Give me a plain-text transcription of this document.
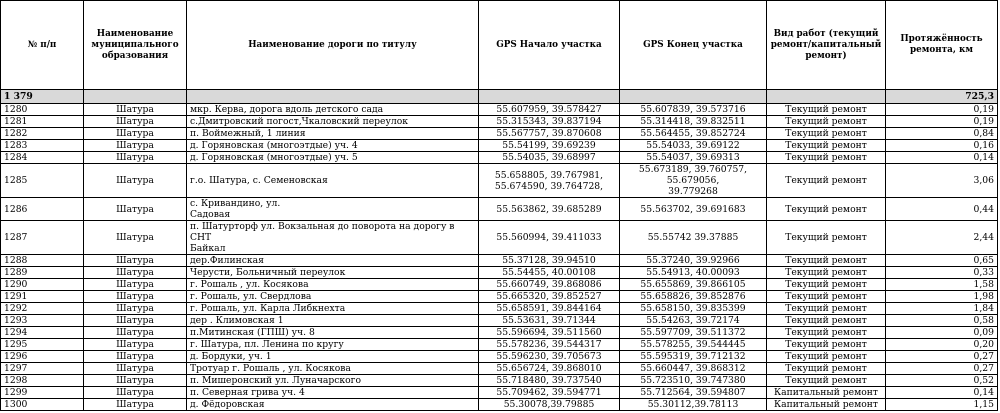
№ п/п	Наименование муниципального образования	Наименование дороги по титулу	GPS Начало участка	GPS Конец участка	Вид работ (текущий ремонт/капитальный ремонт)	Протяжённость ремонта, км
1 379						725,3
1280	Шатура	мкр. Керва, дорога вдоль детского сада	55.607959, 39.578427	55.607839, 39.573716	Текущий ремонт	0,19
1281	Шатура	с.Дмитровский погост,Чкаловский переулок	55.315343, 39.837194	55.314418, 39.832511	Текущий ремонт	0,19
1282	Шатура	п. Воймежный, 1 линия	55.567757, 39.870608	55.564455, 39.852724	Текущий ремонт	0,84
1283	Шатура	д. Гоpяновская (многоэтдые) уч. 4	55.54199, 39.69239	55.54033, 39.69122	Текущий ремонт	0,16
1284	Шатура	д. Гоpяновская (многоэтдые) уч. 5	55.54035, 39.68997	55.54037, 39.69313	Текущий ремонт	0,14
1285	Шатура	г.о. Шатура, с. Семеновская	55.658805, 39.767981,
55.674590, 39.764728,	55.673189, 39.760757, 55.679056,
39.779268	Текущий ремонт	3,06
1286	Шатура	с. Кривандино, ул.
Садовая	55.563862, 39.685289	55.563702, 39.691683	Текущий ремонт	0,44
1287	Шатура	п. Шатурторф ул. Вокзальная до поворота на дорогу в СНТ
Байкал	55.560994, 39.411033	55.55742 39.37885	Текущий ремонт	2,44
1288	Шатура	дер.Филинская	55.37128, 39.94510	55.37240, 39.92966	Текущий ремонт	0,65
1289	Шатура	Черусти, Больничный переулок	55.54455, 40.00108	55.54913, 40.00093	Текущий ремонт	0,33
1290	Шатура	г. Рошаль , ул. Косякова	55.660749, 39.868086	55.655869, 39.866105	Текущий ремонт	1,58
1291	Шатура	г. Рошаль, ул. Свердлова	55.665320, 39.852527	55.658826, 39.852876	Текущий ремонт	1,98
1292	Шатура	г. Рошаль, ул. Карла Либкнехта	55.658591, 39.844164	55.658150, 39.835399	Текущий ремонт	1,84
1293	Шатура	дер . Климовская 1	55.53631, 39.71344	55.54263, 39.72174	Текущий ремонт	0,58
1294	Шатура	п.Митинская (ГПШ) уч. 8	55.596694, 39.511560	55.597709, 39.511372	Текущий ремонт	0,09
1295	Шатура	г. Шатура, пл. Ленина по кругу	55.578236, 39.544317	55.578255, 39.544445	Текущий ремонт	0,20
1296	Шатура	д. Бордуки, уч. 1	55.596230, 39.705673	55.595319, 39.712132	Текущий ремонт	0,27
1297	Шатура	Тротуар г. Рошаль , ул. Косякова	55.656724, 39.868010	55.660447, 39.868312	Текущий ремонт	0,27
1298	Шатура	п. Мишеронский ул. Луначарского	55.718480, 39.737540	55.723510, 39.747380	Текущий ремонт	0,52
1299	Шатура	п. Северная грива уч. 4	55.709462, 39.594771	55.712564, 39.594807	Капитальный ремонт	0,14
1300	Шатура	д. Фёдоровская	55.30078,39.79885	55.30112,39.78113	Капитальный ремонт	1,15
